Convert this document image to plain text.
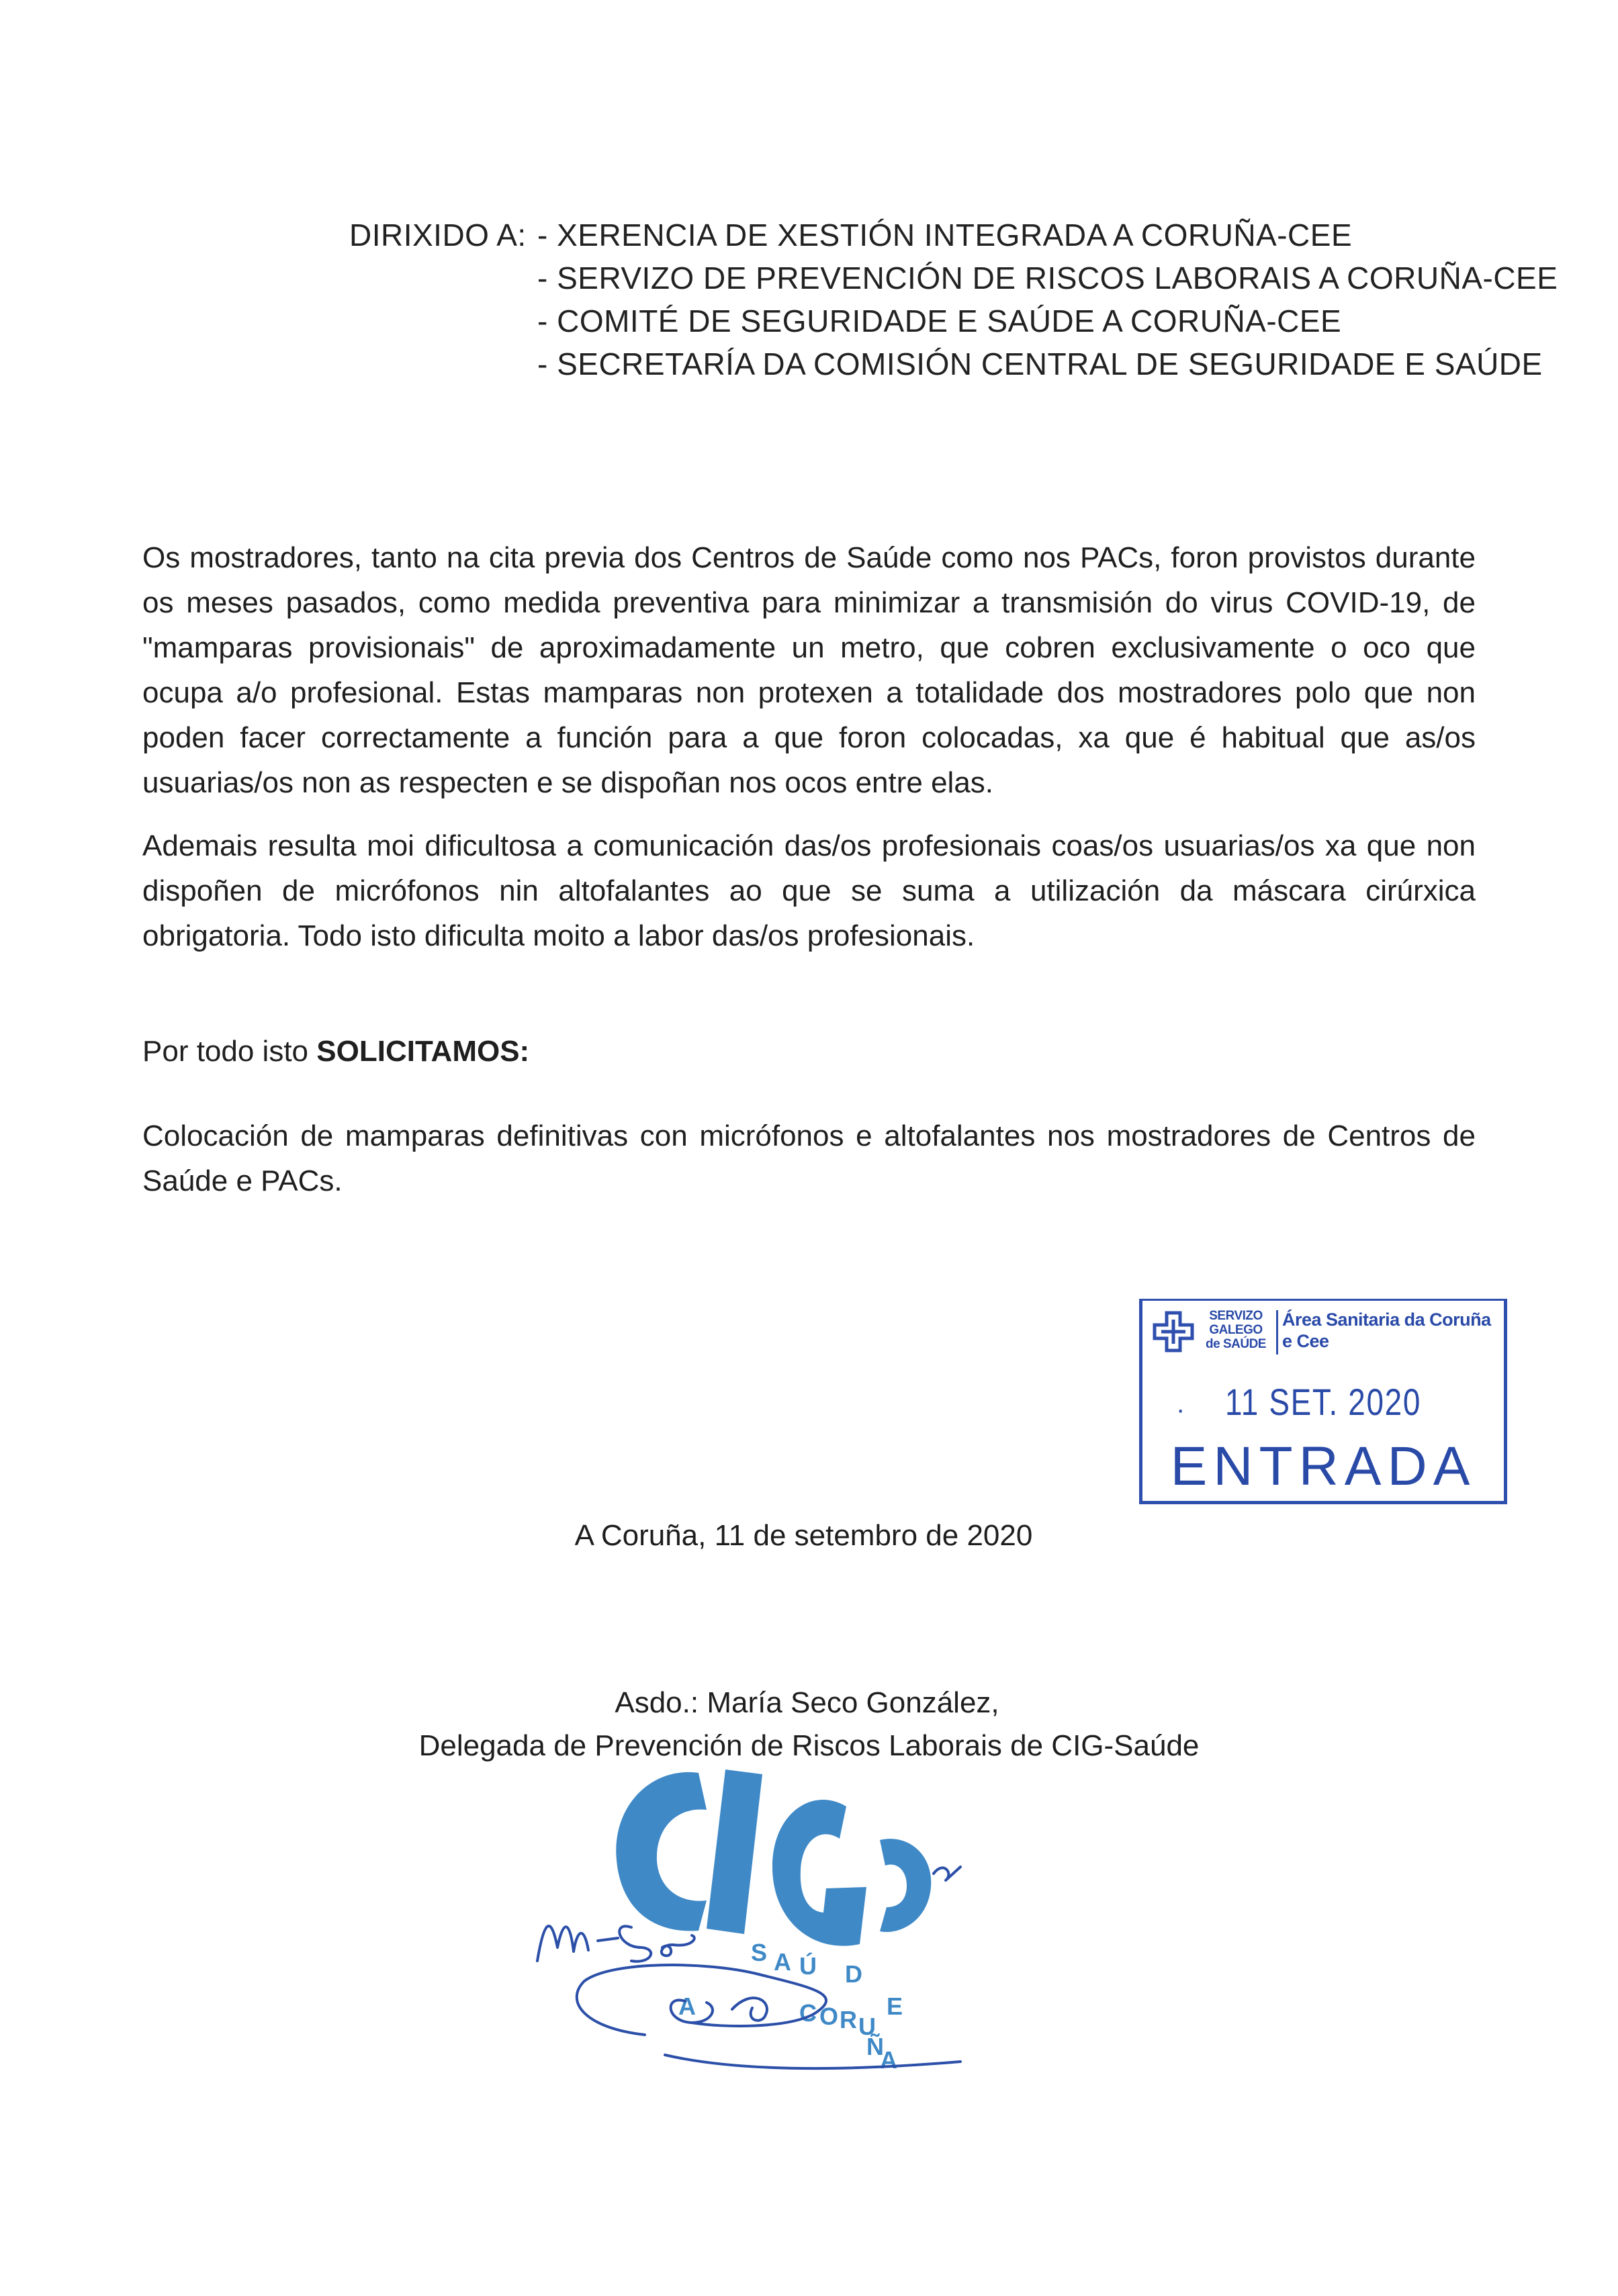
DIRIXIDO A: - XERENCIA DE XESTIÓN INTEGRADA A CORUÑA-CEE
- SERVIZO DE PREVENCIÓN DE RISCOS LABORAIS A CORUÑA-CEE
- COMITÉ DE SEGURIDADE E SAÚDE A CORUÑA-CEE
- SECRETARÍA DA COMISIÓN CENTRAL DE SEGURIDADE E SAÚDE

Os mostradores, tanto na cita previa dos Centros de Saúde como nos PACs, foron provistos durante os meses pasados, como medida preventiva para minimizar a transmisión do virus COVID-19, de "mamparas provisionais" de aproximadamente un metro, que cobren exclusivamente o oco que ocupa a/o profesional. Estas mamparas non protexen a totalidade dos mostradores polo que non poden facer correctamente a función para a que foron colocadas, xa que é habitual que as/os usuarias/os non as respecten e se dispoñan nos ocos entre elas.

Ademais resulta moi dificultosa a comunicación das/os profesionais coas/os usuarias/os xa que non dispoñen de micrófonos nin altofalantes ao que se suma a utilización da máscara cirúrxica obrigatoria. Todo isto dificulta moito a labor das/os profesionais.

Por todo isto SOLICITAMOS:

Colocación de mamparas definitivas con micrófonos e altofalantes nos mostradores de Centros de Saúde e PACs.

SERVIZO
GALEGO
de SAÚDE
Área Sanitaria da Coruña
e Cee
·	11 SET. 2020
ENTRADA
A Coruña, 11 de setembro de 2020
Asdo.: María Seco González,
Delegada de Prevención de Riscos Laborais de CIG-Saúde
S A Ú D
E
A	C O R U
Ñ
A
